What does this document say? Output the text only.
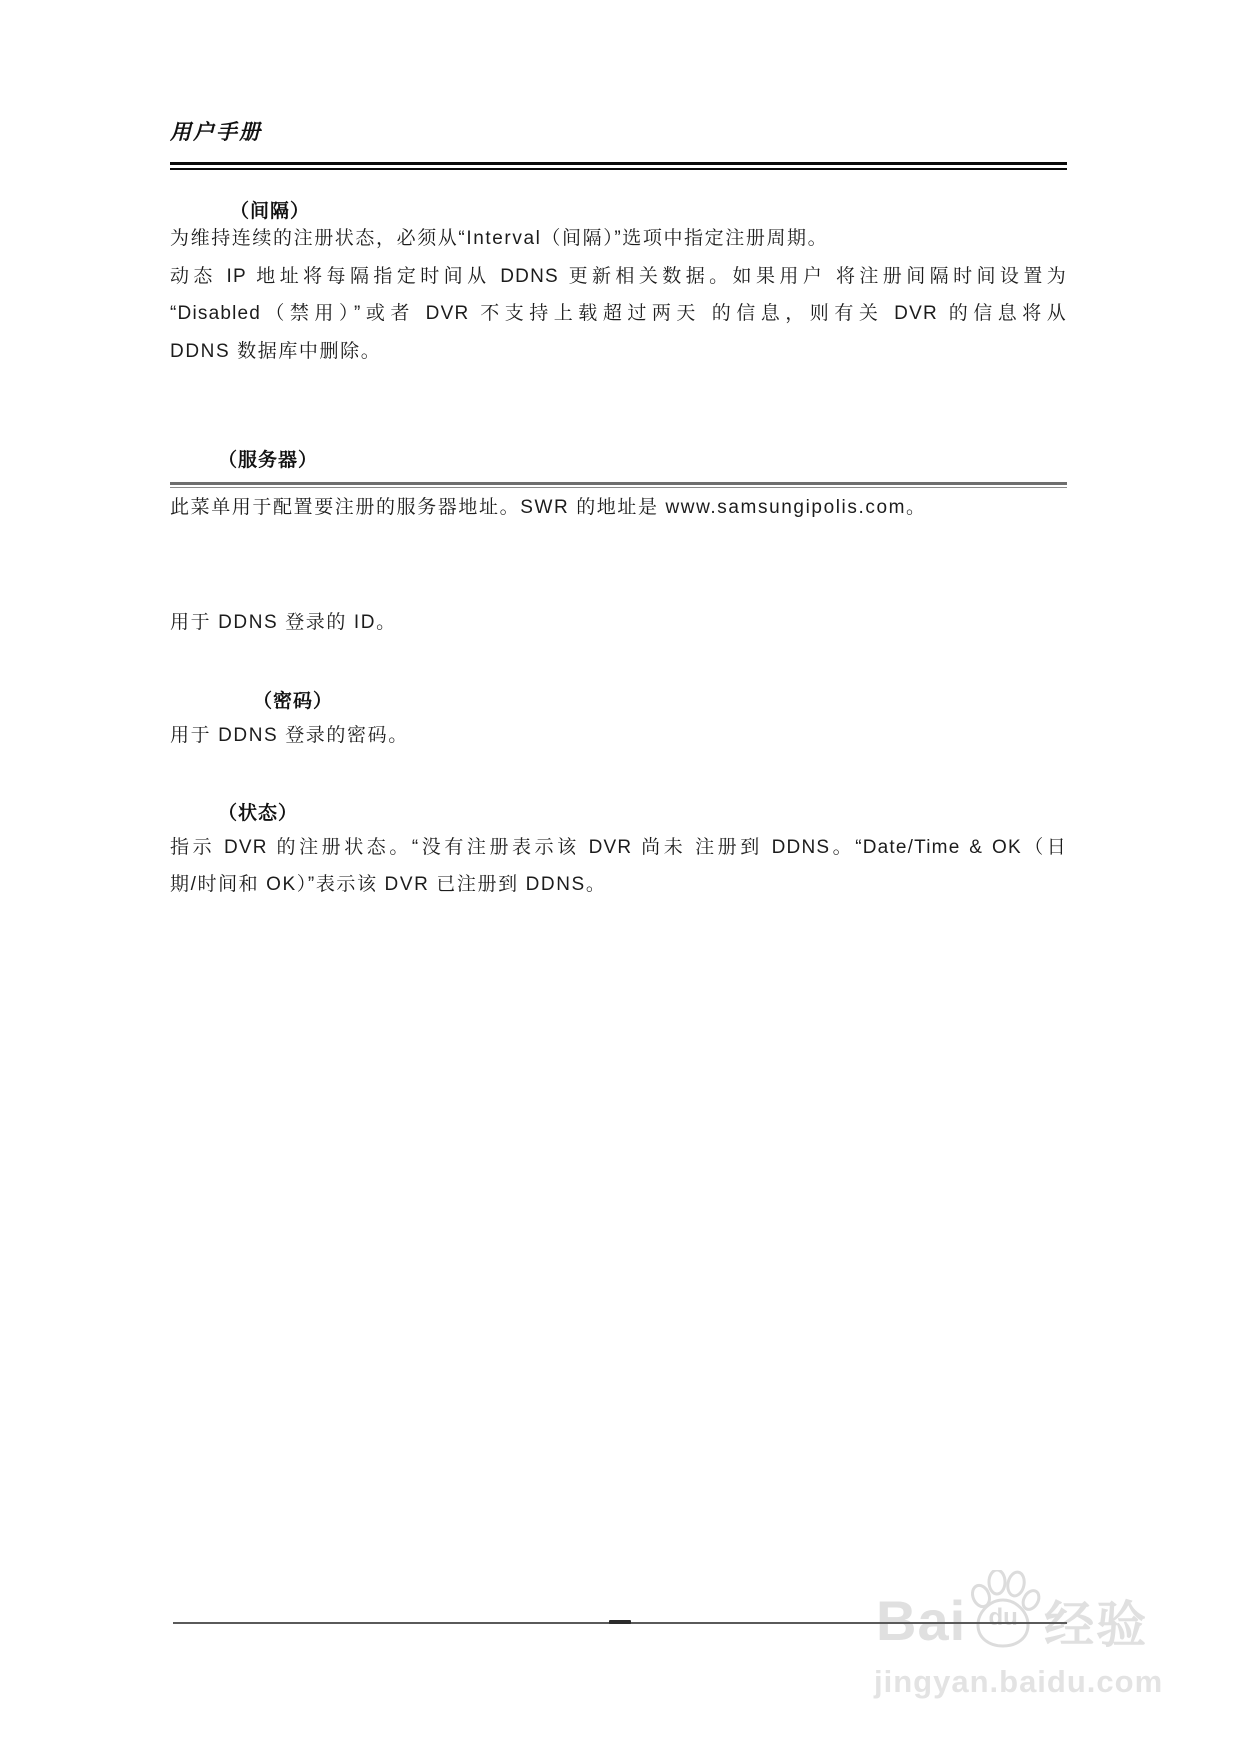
用户手册
（间隔）
为维持连续的注册状态，必须从“Interval（间隔）”选项中指定注册周期。
动态 IP 地址将每隔指定时间从 DDNS 更新相关数据。如果用户 将注册间隔时间设置为
“Disabled（禁用）”或者 DVR 不支持上载超过两天 的信息，则有关 DVR 的信息将从
DDNS 数据库中删除。
（服务器）
此菜单用于配置要注册的服务器地址。SWR 的地址是 www.samsungipolis.com。
用于 DDNS 登录的 ID。
（密码）
用于 DDNS 登录的密码。
（状态）
指示 DVR 的注册状态。“没有注册表示该 DVR 尚未 注册到 DDNS。“Date/Time & OK（日
期/时间和 OK）”表示该 DVR 已注册到 DDNS。
Bai du 经验
jingyan.baidu.com
